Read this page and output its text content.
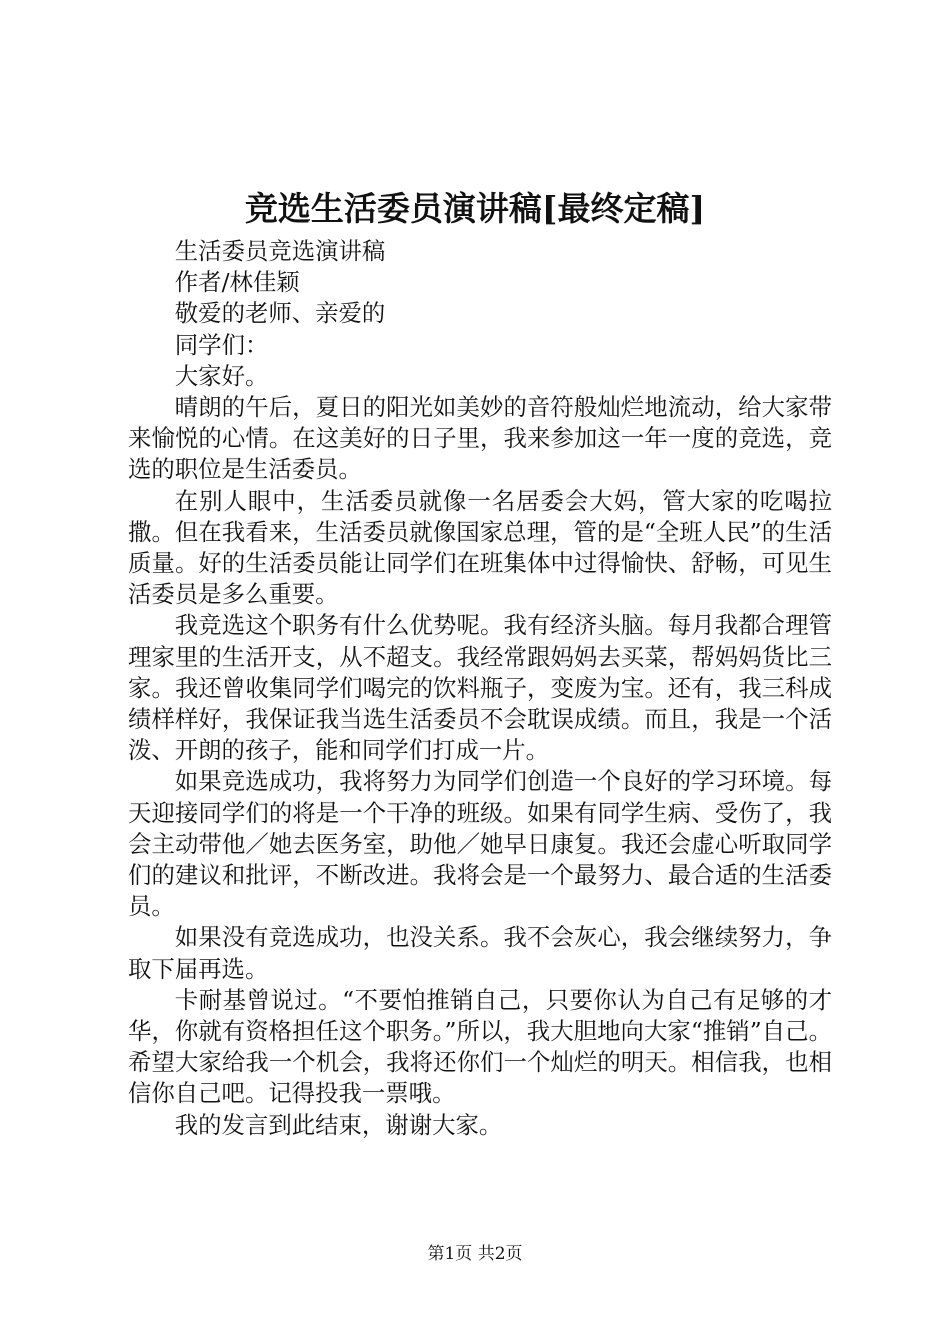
竞选生活委员演讲稿[最终定稿]

生活委员竞选演讲稿

作者/林佳颖

敬爱的老师、亲爱的

同学们：

大家好。

晴朗的午后，夏日的阳光如美妙的音符般灿烂地流动，给大家带来愉悦的心情。在这美好的日子里，我来参加这一年一度的竞选，竞选的职位是生活委员。

在别人眼中，生活委员就像一名居委会大妈，管大家的吃喝拉撒。但在我看来，生活委员就像国家总理，管的是“全班人民”的生活质量。好的生活委员能让同学们在班集体中过得愉快、舒畅，可见生活委员是多么重要。

我竞选这个职务有什么优势呢。我有经济头脑。每月我都合理管理家里的生活开支，从不超支。我经常跟妈妈去买菜，帮妈妈货比三家。我还曾收集同学们喝完的饮料瓶子，变废为宝。还有，我三科成绩样样好，我保证我当选生活委员不会耽误成绩。而且，我是一个活泼、开朗的孩子，能和同学们打成一片。

如果竞选成功，我将努力为同学们创造一个良好的学习环境。每天迎接同学们的将是一个干净的班级。如果有同学生病、受伤了，我会主动带他／她去医务室，助他／她早日康复。我还会虚心听取同学们的建议和批评，不断改进。我将会是一个最努力、最合适的生活委员。

如果没有竞选成功，也没关系。我不会灰心，我会继续努力，争取下届再选。

卡耐基曾说过。“不要怕推销自己，只要你认为自己有足够的才华，你就有资格担任这个职务。”所以，我大胆地向大家“推销”自己。希望大家给我一个机会，我将还你们一个灿烂的明天。相信我，也相信你自己吧。记得投我一票哦。

我的发言到此结束，谢谢大家。

第1页 共2页
